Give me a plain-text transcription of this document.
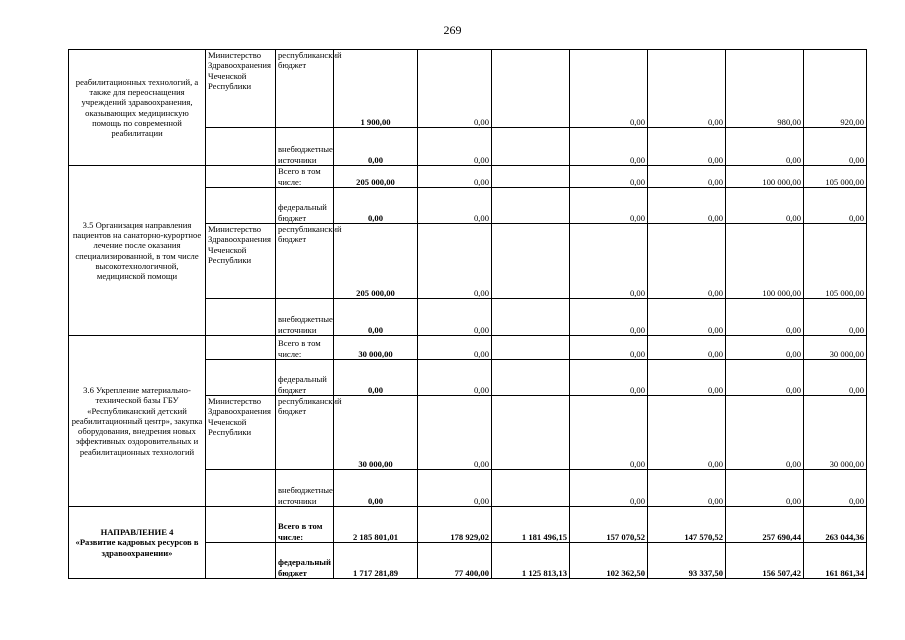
269
реабилитационных технологий, а также для переоснащения учреждений здравоохранения, оказывающих медицинскую помощь по современной реабилитации	Министерство Здравоохранения Чеченской Республики	республиканский бюджет	1 900,00	0,00		0,00	0,00	980,00	920,00
		внебюджетные источники	0,00	0,00		0,00	0,00	0,00	0,00
3.5 Организация направления пациентов на санаторно-курортное лечение после оказания специализированной, в том числе высокотехнологичной, медицинской помощи		Всего в том числе:	205 000,00	0,00		0,00	0,00	100 000,00	105 000,00
		федеральный бюджет	0,00	0,00		0,00	0,00	0,00	0,00
	Министерство Здравоохранения Чеченской Республики	республиканский бюджет	205 000,00	0,00		0,00	0,00	100 000,00	105 000,00
		внебюджетные источники	0,00	0,00		0,00	0,00	0,00	0,00
3.6 Укрепление материально-технической базы ГБУ «Республиканский детский реабилитационный центр», закупка оборудования, внедрения новых эффективных оздоровительных и реабилитационных технологий		Всего в том числе:	30 000,00	0,00		0,00	0,00	0,00	30 000,00
		федеральный бюджет	0,00	0,00		0,00	0,00	0,00	0,00
	Министерство Здравоохранения Чеченской Республики	республиканский бюджет	30 000,00	0,00		0,00	0,00	0,00	30 000,00
		внебюджетные источники	0,00	0,00		0,00	0,00	0,00	0,00

НАПРАВЛЕНИЕ 4
«Развитие кадровых ресурсов в здравоохранении»		Всего в том числе:	2 185 801,01	178 929,02	1 181 496,15	157 070,52	147 570,52	257 690,44	263 044,36
		федеральный бюджет	1 717 281,89	77 400,00	1 125 813,13	102 362,50	93 337,50	156 507,42	161 861,34
